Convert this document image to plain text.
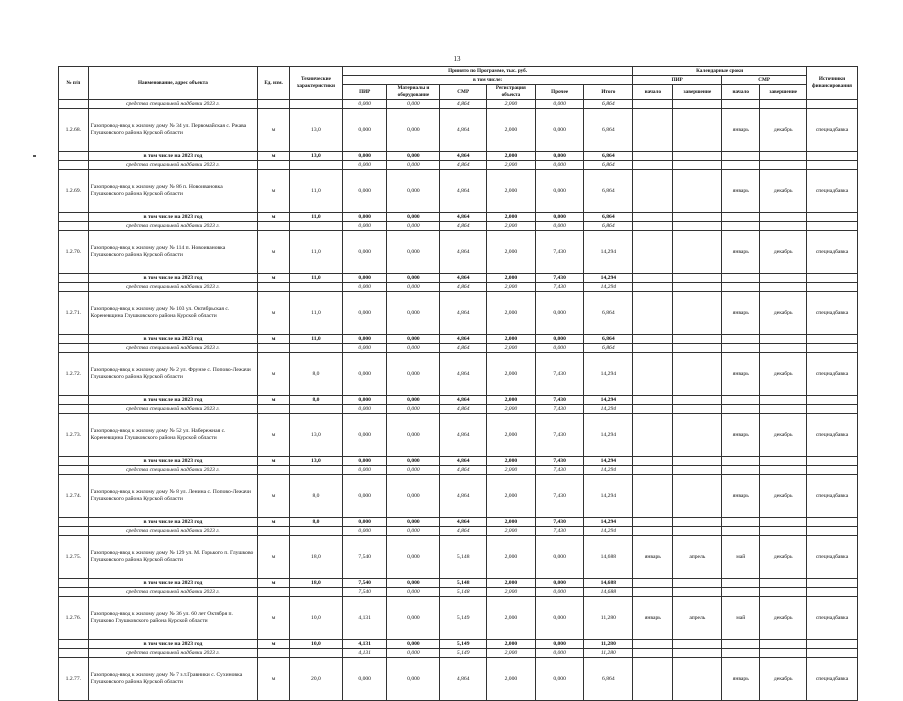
13
№ п/п	Наименование, адрес объекта	Ед. изм.	Технические характеристики	Принято по Программе, тыс. руб.						Календарные сроки				Источники финансирования
				в том числе:						ПИР		СМР		
				ПИР	Материалы и оборудование	СМР	Регистрация объекта	Прочее	Итого	начало	завершение	начало	завершение	
	средства специальной надбавки 2023 г.			0,000	0,000	4,864	2,000	0,000	6,864					
1.2.68.	Газопровод-ввод к жилому дому № 34 ул. Первомайская с. Ржава Глушковского района Курской области	м	13,0	0,000	0,000	4,864	2,000	0,000	6,864			январь	декабрь	спецнадбавка
	в том числе на 2023 год	м	13,0	0,000	0,000	4,864	2,000	0,000	6,864					
	средства специальной надбавки 2023 г.			0,000	0,000	4,864	2,000	0,000	6,864					
1.2.69.	Газопровод-ввод к жилому дому № 86 п. Новоивановка Глушковского района Курской области	м	11,0	0,000	0,000	4,864	2,000	0,000	6,864			январь	декабрь	спецнадбавка
	в том числе на 2023 год	м	11,0	0,000	0,000	4,864	2,000	0,000	6,864					
	средства специальной надбавки 2023 г.			0,000	0,000	4,864	2,000	0,000	6,864					
1.2.70.	Газопровод-ввод к жилому дому № 114 п. Новоивановка Глушковского района Курской области	м	11,0	0,000	0,000	4,864	2,000	7,430	14,294			январь	декабрь	спецнадбавка
	в том числе на 2023 год	м	11,0	0,000	0,000	4,864	2,000	7,430	14,294					
	средства специальной надбавки 2023 г.			0,000	0,000	4,864	2,000	7,430	14,294					
1.2.71.	Газопровод-ввод к жилому дому № 103 ул. Октябрьская с. Кореневщина Глушковского района Курской области	м	11,0	0,000	0,000	4,864	2,000	0,000	6,864			январь	декабрь	спецнадбавка
	в том числе на 2023 год	м	11,0	0,000	0,000	4,864	2,000	0,000	6,864					
	средства специальной надбавки 2023 г.			0,000	0,000	4,864	2,000	0,000	6,864					
1.2.72.	Газопровод-ввод к жилому дому № 2 ул. Фрунзе с. Попово-Лежачи Глушковского района Курской области	м	8,0	0,000	0,000	4,864	2,000	7,430	14,294			январь	декабрь	спецнадбавка
	в том числе на 2023 год	м	8,0	0,000	0,000	4,864	2,000	7,430	14,294					
	средства специальной надбавки 2023 г.			0,000	0,000	4,864	2,000	7,430	14,294					
1.2.73.	Газопровод-ввод к жилому дому № 52 ул. Набережная с. Кореневщина Глушковского района Курской области	м	13,0	0,000	0,000	4,864	2,000	7,430	14,294			январь	декабрь	спецнадбавка
	в том числе на 2023 год	м	13,0	0,000	0,000	4,864	2,000	7,430	14,294					
	средства специальной надбавки 2023 г.			0,000	0,000	4,864	2,000	7,430	14,294					
1.2.74.	Газопровод-ввод к жилому дому № 8 ул. Ленина с. Попово-Лежачи Глушковского района Курской области	м	8,0	0,000	0,000	4,864	2,000	7,430	14,294			январь	декабрь	спецнадбавка
	в том числе на 2023 год	м	8,0	0,000	0,000	4,864	2,000	7,430	14,294					
	средства специальной надбавки 2023 г.			0,000	0,000	4,864	2,000	7,430	14,294					
1.2.75.	Газопровод-ввод к жилому дому № 129 ул. М. Горького п. Глушково Глушковского района Курской области	м	18,0	7,540	0,000	5,148	2,000	0,000	14,688	январь	апрель	май	декабрь	спецнадбавка
	в том числе на 2023 год	м	18,0	7,540	0,000	5,148	2,000	0,000	14,688					
	средства специальной надбавки 2023 г.			7,540	0,000	5,148	2,000	0,000	14,688					
1.2.76.	Газопровод-ввод к жилому дому № 36 ул. 60 лет Октября п. Глушково Глушковского района Курской области	м	10,0	4,131	0,000	5,149	2,000	0,000	11,280	январь	апрель	май	декабрь	спецнадбавка
	в том числе на 2023 год	м	10,0	4,131	0,000	5,149	2,000	0,000	11,280					
	средства специальной надбавки 2023 г.			4,131	0,000	5,149	2,000	0,000	11,280					
1.2.77.	Газопровод-ввод к жилому дому № 7 з.т.Гравники с. Сухиновка Глушковского района Курской области	м	20,0	0,000	0,000	4,864	2,000	0,000	6,864			январь	декабрь	спецнадбавка
